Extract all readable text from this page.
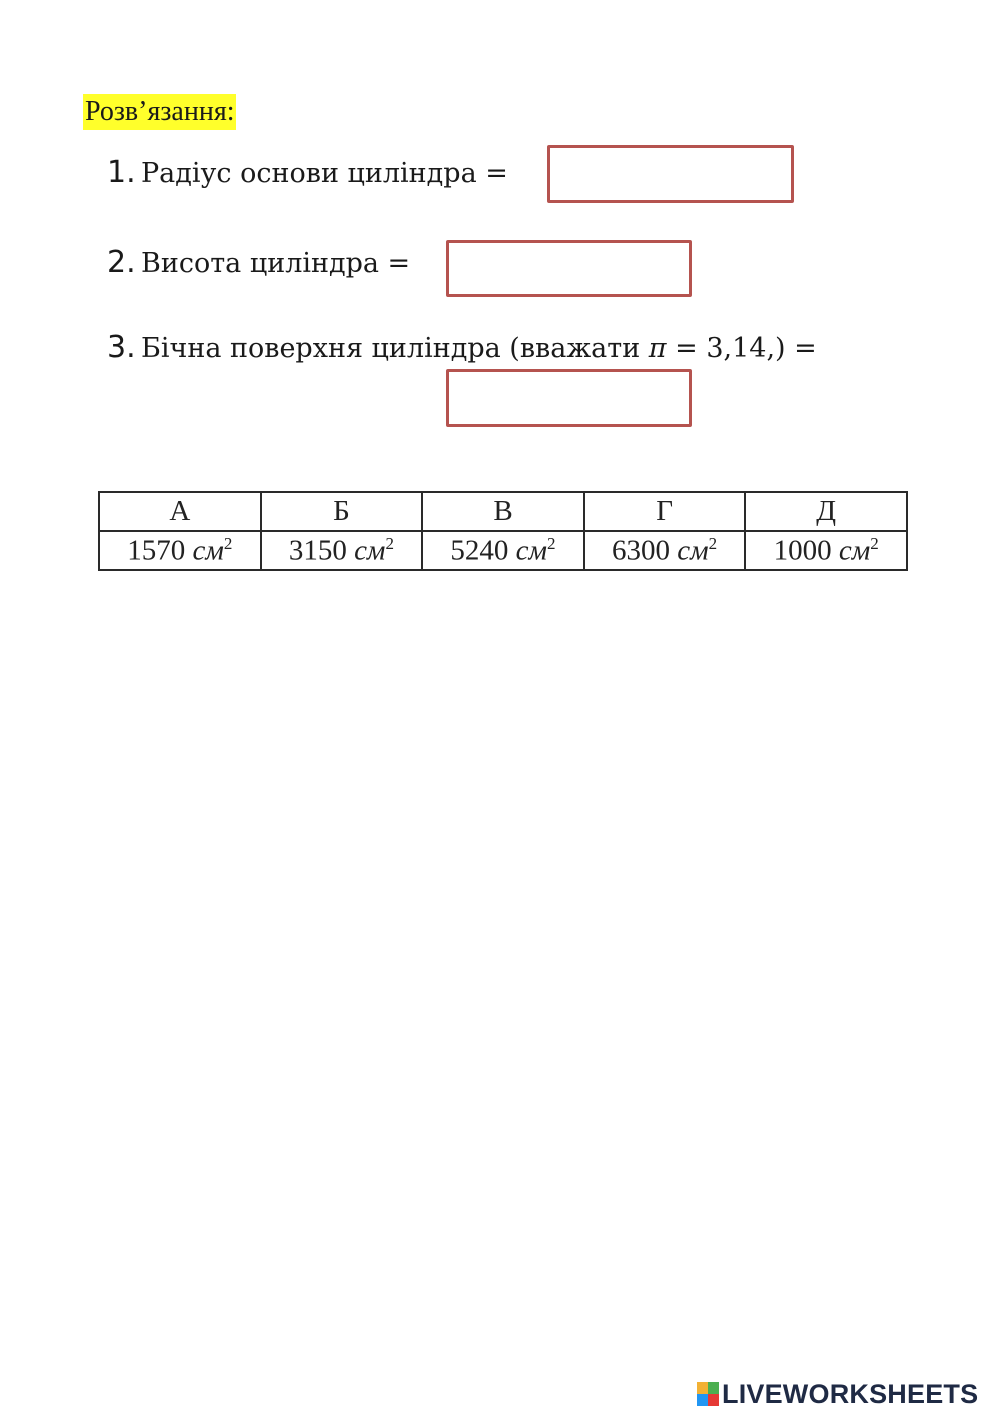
Розв’язання:
1. Радіус основи циліндра =
2. Висота циліндра =
3. Бічна поверхня циліндра (вважати π = 3,14,) =
А	Б	В	Г	Д
1570 $см^2$	3150 $см^2$	5240 $см^2$	6300 $см^2$	1000 $см^2$
LIVEWORKSHEETS
